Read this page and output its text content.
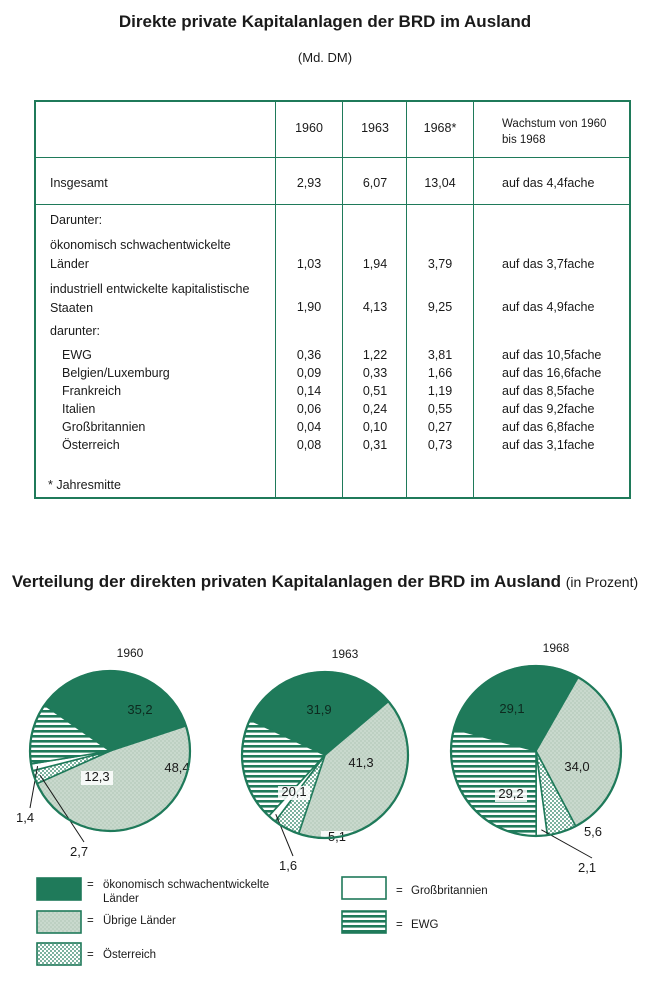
Direkte private Kapitalanlagen der BRD im Ausland
(Md. DM)
1960	1963	1968*	Wachstum von 1960 bis 1968
Insgesamt	2,93	6,07	13,04	auf das 4,4fache
Darunter:
ökonomisch schwachentwickelte Länder	1,03	1,94	3,79	auf das 3,7fache
industriell entwickelte kapitalistische Staaten	1,90	4,13	9,25	auf das 4,9fache
darunter:
EWG	0,36	1,22	3,81	auf das 10,5fache
Belgien/Luxemburg	0,09	0,33	1,66	auf das 16,6fache
Frankreich	0,14	0,51	1,19	auf das 8,5fache
Italien	0,06	0,24	0,55	auf das 9,2fache
Großbritannien	0,04	0,10	0,27	auf das 6,8fache
Österreich	0,08	0,31	0,73	auf das 3,1fache
* Jahresmitte
Verteilung der direkten privaten Kapitalanlagen der BRD im Ausland (in Prozent)
35,2
48,4
2,7
1,4
12,3
1960
31,9
41,3
5,1
1,6
20,1
1963
29,1
34,0
5,6
2,1
29,2
1968
= ökonomisch schwachentwickelte Länder
= Übrige Länder
= Österreich
= Großbritannien
= EWG
